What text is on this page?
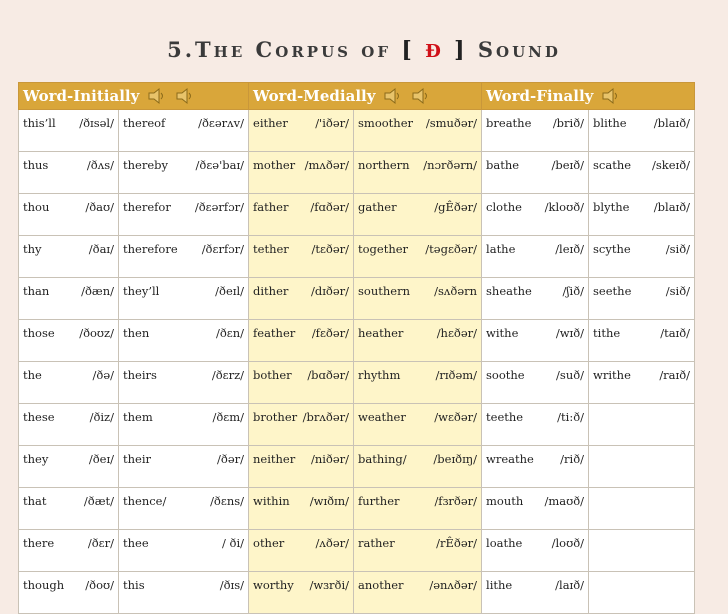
5.The Corpus of [ ð ] Sound
Word-Initially		Word-Medially		Word-Finally	

this’ll /ðɪsəl/	thereof /ðɛərʌv/	either /'iðər/	smoother /smuðər/	breathe /brið/	blithe /blaɪð/

thus /ðʌs/	thereby /ðɛə'baɪ/	mother /mʌðər/	northern /nɔrðərn/	bathe /beɪð/	scathe /skeɪð/

thou /ðaʊ/	therefor /ðɛərfɔr/	father /fɑðər/	gather /gÊðər/	clothe /kloʊð/	blythe /blaɪð/

thy /ðaɪ/	therefore /ðɛrfɔr/	tether /tɛðər/	together /təgɛðər/	lathe /leɪð/	scythe /sið/

than /ðæn/	they’ll /ðeɪl/	dither /dɪðər/	southern /sʌðərn	sheathe /ʃið/	seethe /sið/

those /ðoʊz/	then /ðɛn/	feather /fɛðər/	heather /hɛðər/	withe /wɪð/	tithe /taɪð/

the /ðə/	theirs /ðɛrz/	bother /bɑðər/	rhythm /rɪðəm/	soothe /suð/	writhe /raɪð/

these /ðiz/	them /ðɛm/	brother /brʌðər/	weather /wɛðər/	teethe /ti:ð/	

they /ðeɪ/	their /ðər/	neither /niðər/	bathing/ /beɪðɪŋ/	wreathe /rið/	

that /ðæt/	thence/ /ðɛns/	within /wɪðɪn/	further /fɜrðər/	mouth /maʊð/	

there /ðɛr/	thee / ði/	other /ʌðər/	rather /rÊðər/	loathe /loʊð/	

though /ðoʊ/	this /ðɪs/	worthy /wɜrði/	another /ənʌðər/	lithe /laɪð/	
